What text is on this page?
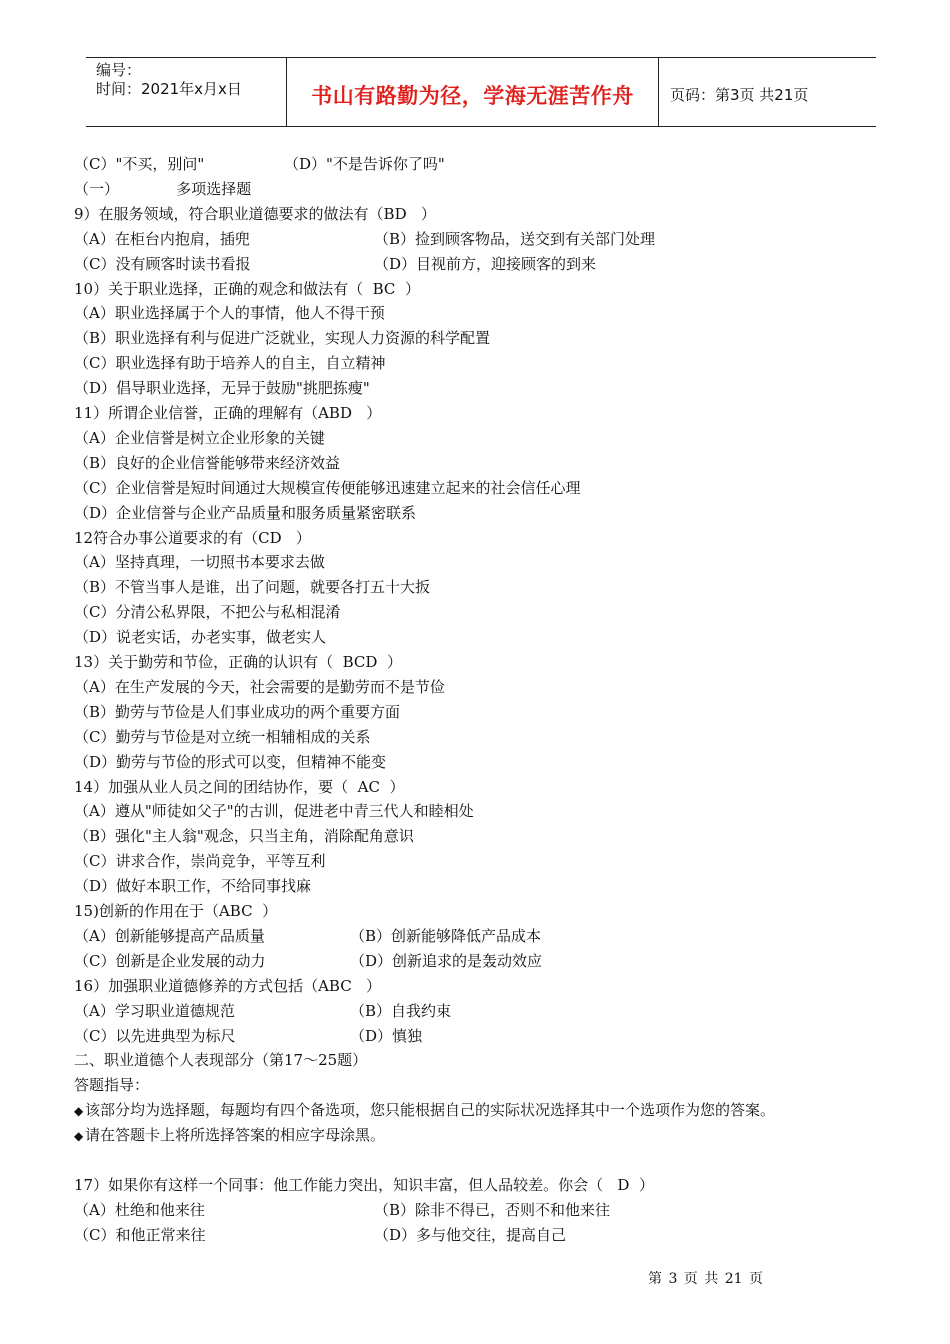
编号：
时间：2021年x月x日	书山有路勤为径，学海无涯苦作舟 页码：第3页 共21页
（C）"不买，别问"	（D）"不是告诉你了吗"
（一）            多项选择题
9）在服务领域，符合职业道德要求的做法有（BD   ）
（A）在柜台内抱肩，插兜	（B）捡到顾客物品，送交到有关部门处理
（C）没有顾客时读书看报	（D）目视前方，迎接顾客的到来
10）关于职业选择，正确的观念和做法有（  BC  ）
（A）职业选择属于个人的事情，他人不得干预
（B）职业选择有利与促进广泛就业，实现人力资源的科学配置
（C）职业选择有助于培养人的自主，自立精神
（D）倡导职业选择，无异于鼓励"挑肥拣瘦"
11）所谓企业信誉，正确的理解有（ABD   ）
（A）企业信誉是树立企业形象的关键
（B）良好的企业信誉能够带来经济效益
（C）企业信誉是短时间通过大规模宣传便能够迅速建立起来的社会信任心理
（D）企业信誉与企业产品质量和服务质量紧密联系
12符合办事公道要求的有（CD   ）
（A）坚持真理，一切照书本要求去做
（B）不管当事人是谁，出了问题，就要各打五十大扳
（C）分清公私界限，不把公与私相混淆
（D）说老实话，办老实事，做老实人
13）关于勤劳和节俭，正确的认识有（  BCD  ）
（A）在生产发展的今天，社会需要的是勤劳而不是节俭
（B）勤劳与节俭是人们事业成功的两个重要方面
（C）勤劳与节俭是对立统一相辅相成的关系
（D）勤劳与节俭的形式可以变，但精神不能变
14）加强从业人员之间的团结协作，要（  AC  ）
（A）遵从"师徒如父子"的古训，促进老中青三代人和睦相处
（B）强化"主人翁"观念，只当主角，消除配角意识
（C）讲求合作，崇尚竞争，平等互利
（D）做好本职工作，不给同事找麻
15)创新的作用在于（ABC  ）
（A）创新能够提高产品质量	（B）创新能够降低产品成本
（C）创新是企业发展的动力	（D）创新追求的是轰动效应
16）加强职业道德修养的方式包括（ABC   ）
（A）学习职业道德规范	（B）自我约束
（C）以先进典型为标尺	（D）慎独
二、职业道德个人表现部分（第17～25题）
答题指导：
◆ 该部分均为选择题，每题均有四个备选项，您只能根据自己的实际状况选择其中一个选项作为您的答案。
◆ 请在答题卡上将所选择答案的相应字母涂黑。
17）如果你有这样一个同事：他工作能力突出，知识丰富，但人品较差。你会（   D  ）
（A）杜绝和他来往	（B）除非不得已，否则不和他来往
（C）和他正常来往	（D）多与他交往，提高自己
第 3 页 共 21 页
